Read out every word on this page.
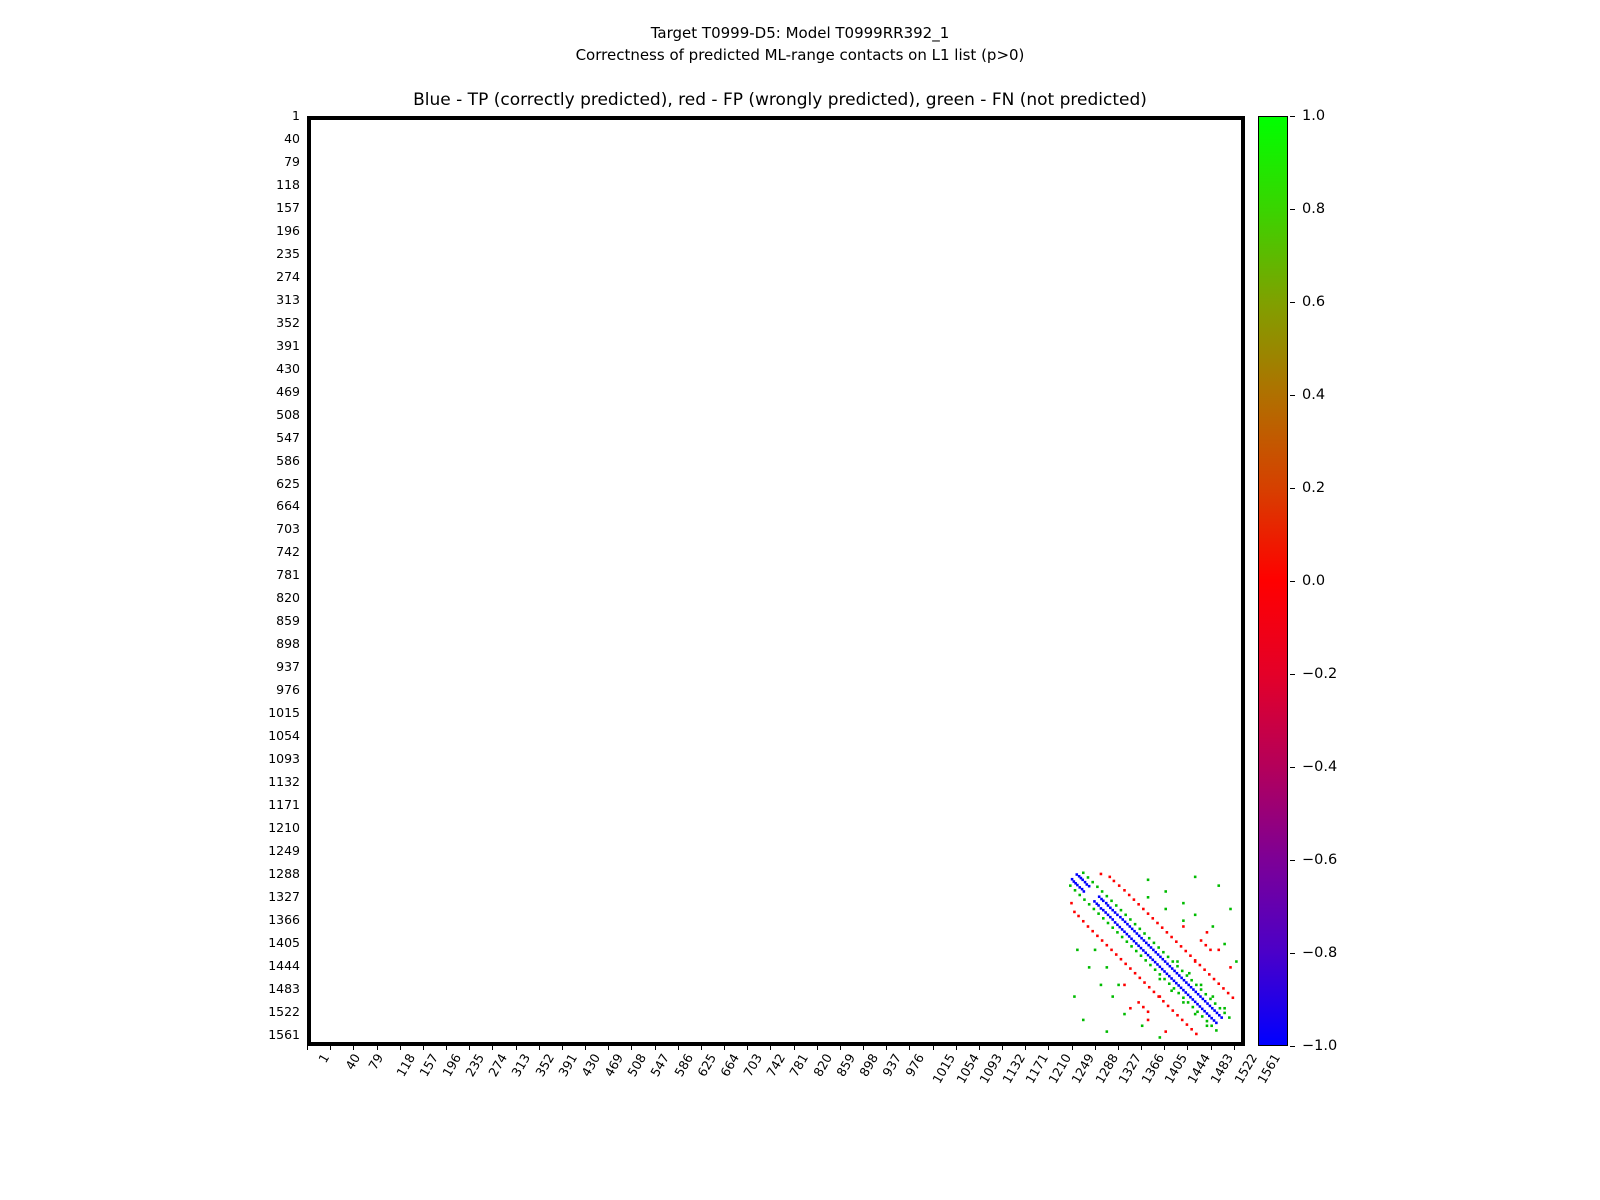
Target T0999-D5: Model T0999RR392_1
Correctness of predicted ML-range contacts on L1 list (p>0)
Blue - TP (correctly predicted), red - FP (wrongly predicted), green - FN (not predicted)
1
40
79
118
157
196
235
274
313
352
391
430
469
508
547
586
625
664
703
742
781
820
859
898
937
976
1015
1054
1093
1132
1171
1210
1249
1288
1327
1366
1405
1444
1483
1522
1561
1 40 79 118
157
196
235
274
313
352
391
430
469
508
547
586
625
664
703
742
781
820
859
898
937
976 1015
1054
1093
1132
1171
1210
1249
1288
1327
1366
1405
1444
1483
1522
1561
1.0
0.8
0.6
0.4
0.2
0.0
−0.2
−0.4
−0.6
−0.8
−1.0
